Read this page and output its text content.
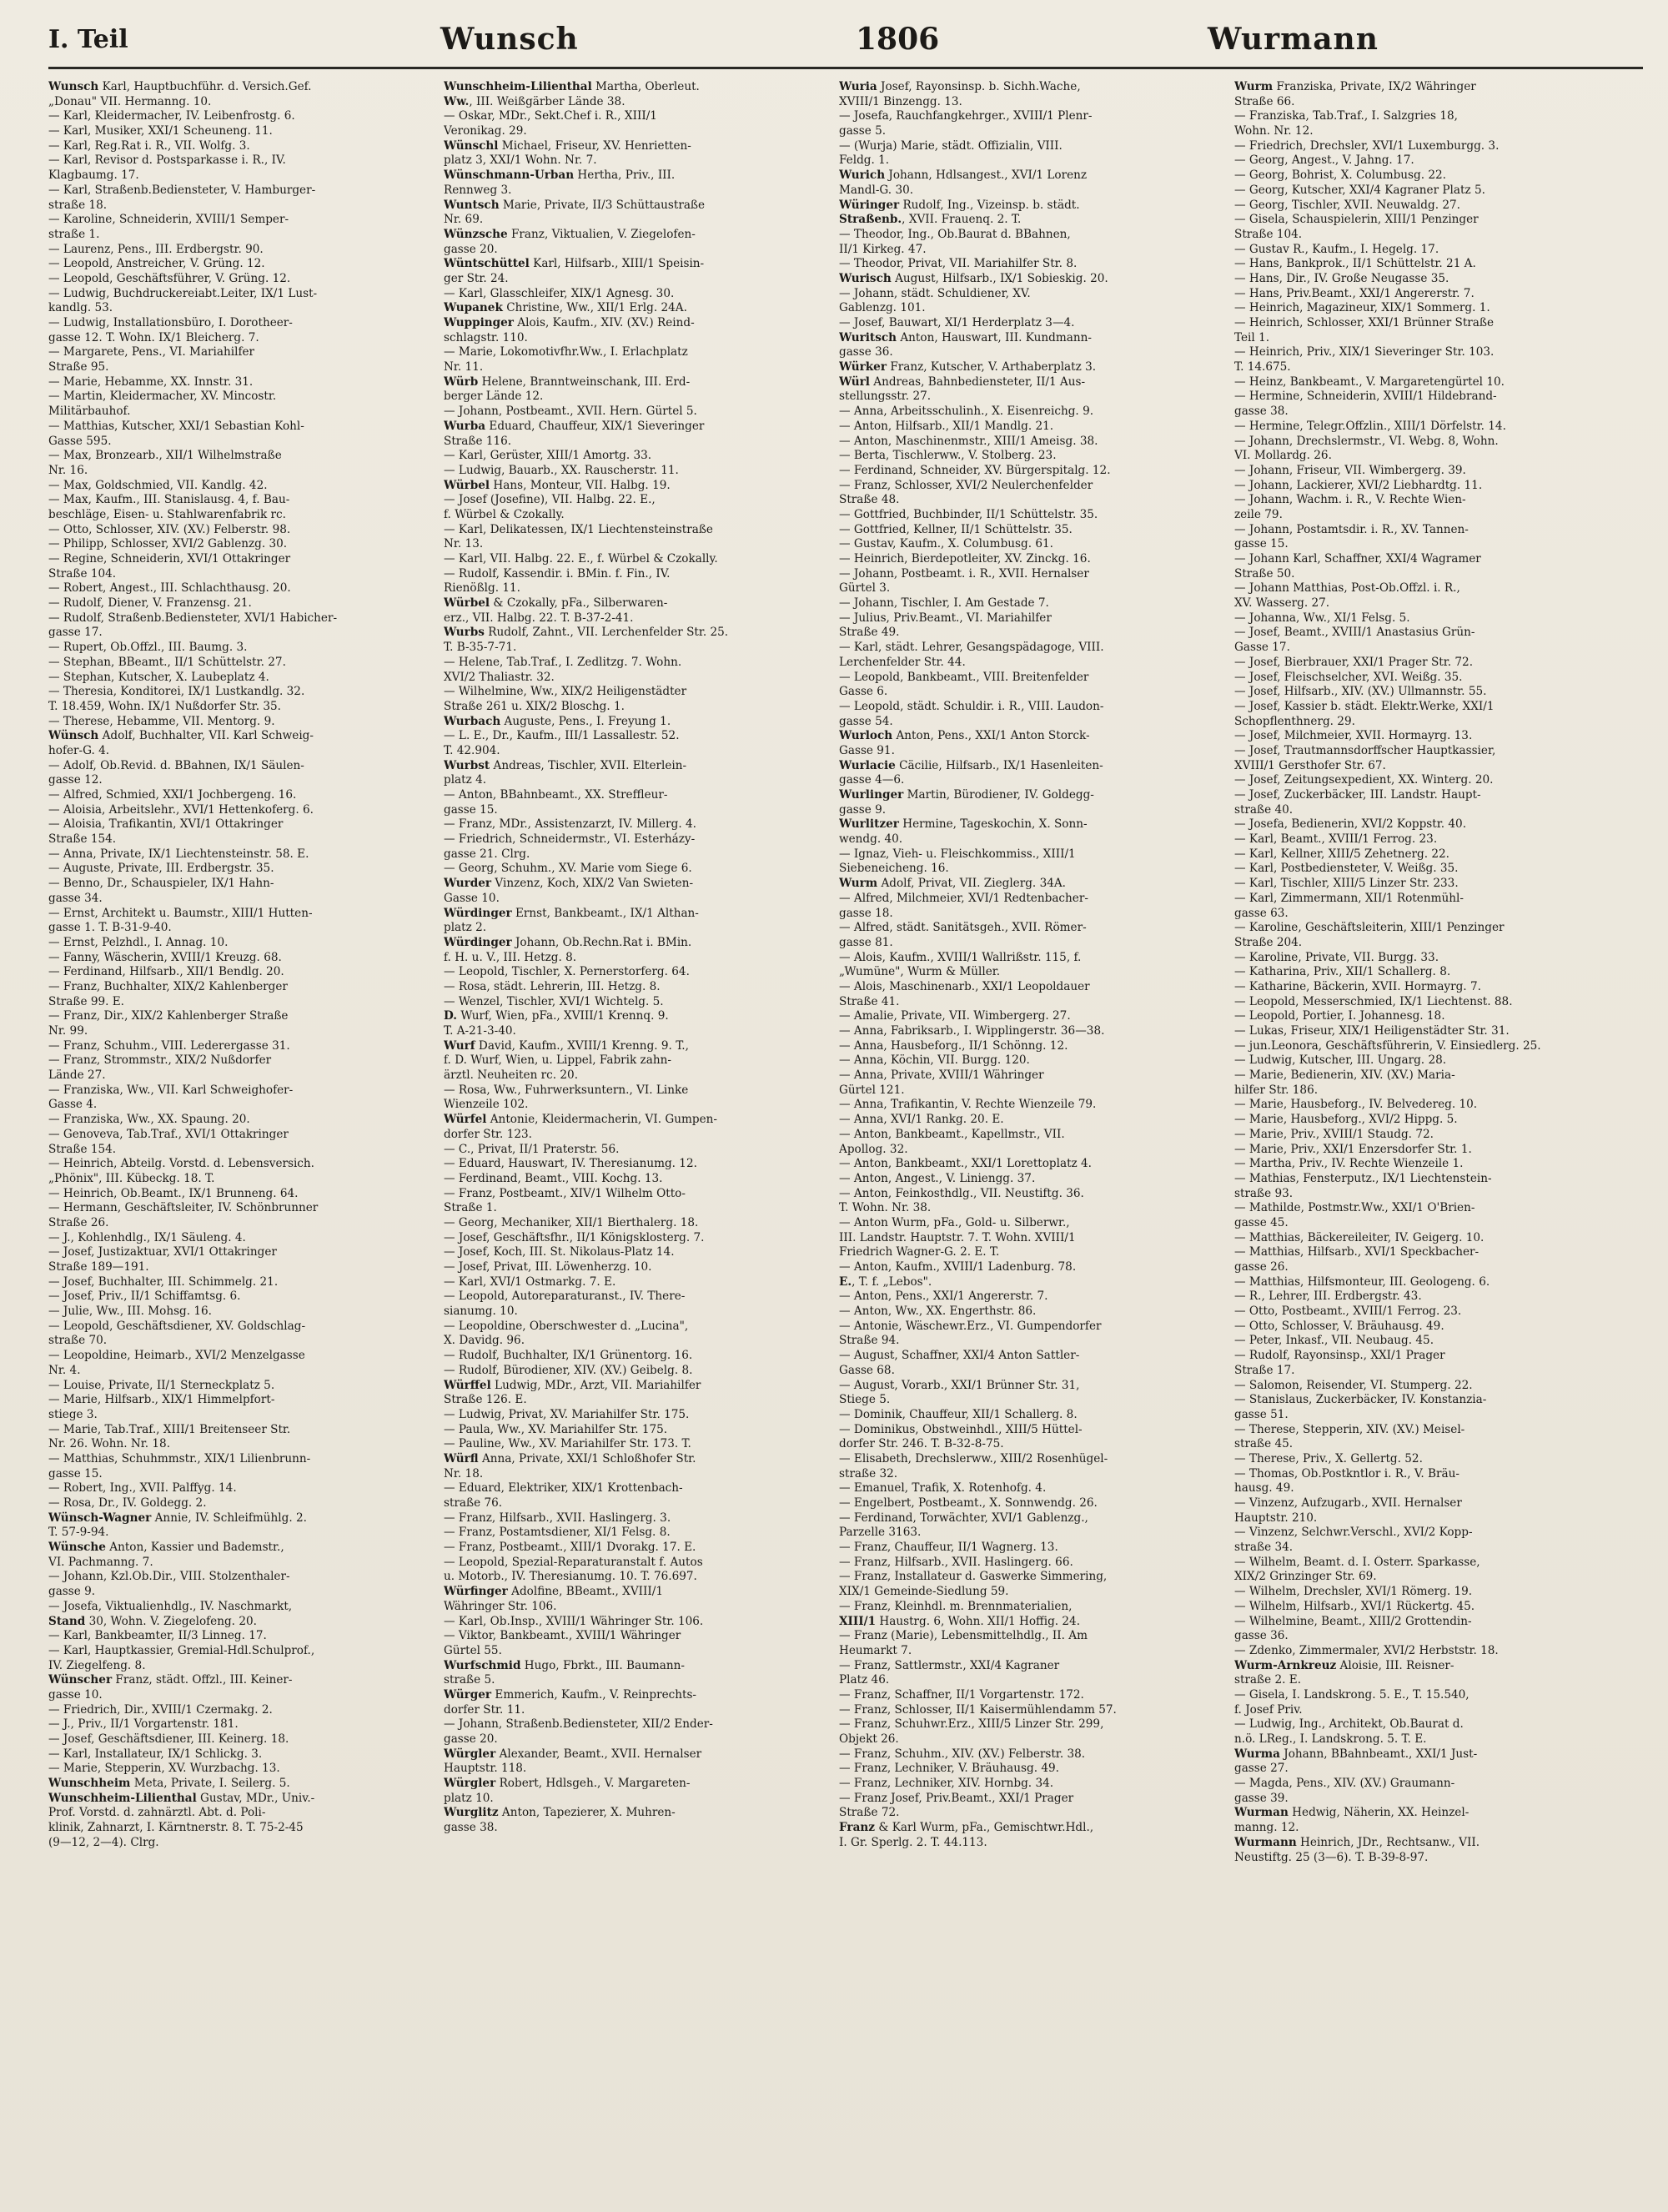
I. Teil	Wunsch	1806	Wurmann
Wunsch Karl, Hauptbuchführ. d. Versich.Gef.
„Donau" VII. Hermanng. 10.
— Karl, Kleidermacher, IV. Leibenfrostg. 6.
— Karl, Musiker, XXI/1 Scheuneng. 11.
— Karl, Reg.Rat i. R., VII. Wolfg. 3.
— Karl, Revisor d. Postsparkasse i. R., IV.
Klagbaumg. 17.
— Karl, Straßenb.Bediensteter, V. Hamburger-
straße 18.
— Karoline, Schneiderin, XVIII/1 Semper-
straße 1.
— Laurenz, Pens., III. Erdbergstr. 90.
— Leopold, Anstreicher, V. Grüng. 12.
— Leopold, Geschäftsführer, V. Grüng. 12.
— Ludwig, Buchdruckereiabt.Leiter, IX/1 Lust-
kandlg. 53.
— Ludwig, Installationsbüro, I. Dorotheer-
gasse 12. T. Wohn. IX/1 Bleicherg. 7.
— Margarete, Pens., VI. Mariahilfer
Straße 95.
— Marie, Hebamme, XX. Innstr. 31.
— Martin, Kleidermacher, XV. Mincostr.
Militärbauhof.
— Matthias, Kutscher, XXI/1 Sebastian Kohl-
Gasse 595.
— Max, Bronzearb., XII/1 Wilhelmstraße
Nr. 16.
— Max, Goldschmied, VII. Kandlg. 42.
— Max, Kaufm., III. Stanislausg. 4, f. Bau-
beschläge, Eisen- u. Stahlwarenfabrik rc.
— Otto, Schlosser, XIV. (XV.) Felberstr. 98.
— Philipp, Schlosser, XVI/2 Gablenzg. 30.
— Regine, Schneiderin, XVI/1 Ottakringer
Straße 104.
— Robert, Angest., III. Schlachthausg. 20.
— Rudolf, Diener, V. Franzensg. 21.
— Rudolf, Straßenb.Bediensteter, XVI/1 Habicher-
gasse 17.
— Rupert, Ob.Offzl., III. Baumg. 3.
— Stephan, BBeamt., II/1 Schüttelstr. 27.
— Stephan, Kutscher, X. Laubeplatz 4.
— Theresia, Konditorei, IX/1 Lustkandlg. 32.
T. 18.459, Wohn. IX/1 Nußdorfer Str. 35.
— Therese, Hebamme, VII. Mentorg. 9.
Wünsch Adolf, Buchhalter, VII. Karl Schweig-
hofer-G. 4.
— Adolf, Ob.Revid. d. BBahnen, IX/1 Säulen-
gasse 12.
— Alfred, Schmied, XXI/1 Jochbergeng. 16.
— Aloisia, Arbeitslehr., XVI/1 Hettenkoferg. 6.
— Aloisia, Trafikantin, XVI/1 Ottakringer
Straße 154.
— Anna, Private, IX/1 Liechtensteinstr. 58. E.
— Auguste, Private, III. Erdbergstr. 35.
— Benno, Dr., Schauspieler, IX/1 Hahn-
gasse 34.
— Ernst, Architekt u. Baumstr., XIII/1 Hutten-
gasse 1. T. B-31-9-40.
— Ernst, Pelzhdl., I. Annag. 10.
— Fanny, Wäscherin, XVIII/1 Kreuzg. 68.
— Ferdinand, Hilfsarb., XII/1 Bendlg. 20.
— Franz, Buchhalter, XIX/2 Kahlenberger
Straße 99. E.
— Franz, Dir., XIX/2 Kahlenberger Straße
Nr. 99.
— Franz, Schuhm., VIII. Lederergasse 31.
— Franz, Strommstr., XIX/2 Nußdorfer
Lände 27.
— Franziska, Ww., VII. Karl Schweighofer-
Gasse 4.
— Franziska, Ww., XX. Spaung. 20.
— Genoveva, Tab.Traf., XVI/1 Ottakringer
Straße 154.
— Heinrich, Abteilg. Vorstd. d. Lebensversich.
„Phönix", III. Kübeckg. 18. T.
— Heinrich, Ob.Beamt., IX/1 Brunneng. 64.
— Hermann, Geschäftsleiter, IV. Schönbrunner
Straße 26.
— J., Kohlenhdlg., IX/1 Säuleng. 4.
— Josef, Justizaktuar, XVI/1 Ottakringer
Straße 189—191.
— Josef, Buchhalter, III. Schimmelg. 21.
— Josef, Priv., II/1 Schiffamtsg. 6.
— Julie, Ww., III. Mohsg. 16.
— Leopold, Geschäftsdiener, XV. Goldschlag-
straße 70.
— Leopoldine, Heimarb., XVI/2 Menzelgasse
Nr. 4.
— Louise, Private, II/1 Sterneckplatz 5.
— Marie, Hilfsarb., XIX/1 Himmelpfort-
stiege 3.
— Marie, Tab.Traf., XIII/1 Breitenseer Str.
Nr. 26. Wohn. Nr. 18.
— Matthias, Schuhmmstr., XIX/1 Lilienbrunn-
gasse 15.
— Robert, Ing., XVII. Palffyg. 14.
— Rosa, Dr., IV. Goldegg. 2.
Wünsch-Wagner Annie, IV. Schleifmühlg. 2.
T. 57-9-94.
Wünsche Anton, Kassier und Bademstr.,
VI. Pachmanng. 7.
— Johann, Kzl.Ob.Dir., VIII. Stolzenthaler-
gasse 9.
— Josefa, Viktualienhdlg., IV. Naschmarkt,
Stand 30, Wohn. V. Ziegelofeng. 20.
— Karl, Bankbeamter, II/3 Linneg. 17.
— Karl, Hauptkassier, Gremial-Hdl.Schulprof.,
IV. Ziegelfeng. 8.
Wünscher Franz, städt. Offzl., III. Keiner-
gasse 10.
— Friedrich, Dir., XVIII/1 Czermakg. 2.
— J., Priv., II/1 Vorgartenstr. 181.
— Josef, Geschäftsdiener, III. Keinerg. 18.
— Karl, Installateur, IX/1 Schlickg. 3.
— Marie, Stepperin, XV. Wurzbachg. 13.
Wunschheim Meta, Private, I. Seilerg. 5.
Wunschheim-Lilienthal Gustav, MDr., Univ.-
Prof. Vorstd. d. zahnärztl. Abt. d. Poli-
klinik, Zahnarzt, I. Kärntnerstr. 8. T. 75-2-45
(9—12, 2—4). Clrg.
Wunschheim-Lilienthal Martha, Oberleut.
Ww., III. Weißgärber Lände 38.
— Oskar, MDr., Sekt.Chef i. R., XIII/1
Veronikag. 29.
Wünschl Michael, Friseur, XV. Henrietten-
platz 3, XXI/1 Wohn. Nr. 7.
Wünschmann-Urban Hertha, Priv., III.
Rennweg 3.
Wuntsch Marie, Private, II/3 Schüttaustraße
Nr. 69.
Wünzsche Franz, Viktualien, V. Ziegelofen-
gasse 20.
Wüntschüttel Karl, Hilfsarb., XIII/1 Speisin-
ger Str. 24.
— Karl, Glasschleifer, XIX/1 Agnesg. 30.
Wupanek Christine, Ww., XII/1 Erlg. 24A.
Wuppinger Alois, Kaufm., XIV. (XV.) Reind-
schlagstr. 110.
— Marie, Lokomotivfhr.Ww., I. Erlachplatz
Nr. 11.
Würb Helene, Branntweinschank, III. Erd-
berger Lände 12.
— Johann, Postbeamt., XVII. Hern. Gürtel 5.
Wurba Eduard, Chauffeur, XIX/1 Sieveringer
Straße 116.
— Karl, Gerüster, XIII/1 Amortg. 33.
— Ludwig, Bauarb., XX. Rauscherstr. 11.
Würbel Hans, Monteur, VII. Halbg. 19.
— Josef (Josefine), VII. Halbg. 22. E.,
f. Würbel & Czokally.
— Karl, Delikatessen, IX/1 Liechtensteinstraße
Nr. 13.
— Karl, VII. Halbg. 22. E., f. Würbel & Czokally.
— Rudolf, Kassendir. i. BMin. f. Fin., IV.
Rienößlg. 11.
Würbel & Czokally, pFa., Silberwaren-
erz., VII. Halbg. 22. T. B-37-2-41.
Wurbs Rudolf, Zahnt., VII. Lerchenfelder Str. 25.
T. B-35-7-71.
— Helene, Tab.Traf., I. Zedlitzg. 7. Wohn.
XVI/2 Thaliastr. 32.
— Wilhelmine, Ww., XIX/2 Heiligenstädter
Straße 261 u. XIX/2 Bloschg. 1.
Wurbach Auguste, Pens., I. Freyung 1.
— L. E., Dr., Kaufm., III/1 Lassallestr. 52.
T. 42.904.
Wurbst Andreas, Tischler, XVII. Elterlein-
platz 4.
— Anton, BBahnbeamt., XX. Streffleur-
gasse 15.
— Franz, MDr., Assistenzarzt, IV. Millerg. 4.
— Friedrich, Schneidermstr., VI. Esterházy-
gasse 21. Clrg.
— Georg, Schuhm., XV. Marie vom Siege 6.
Wurder Vinzenz, Koch, XIX/2 Van Swieten-
Gasse 10.
Würdinger Ernst, Bankbeamt., IX/1 Althan-
platz 2.
Würdinger Johann, Ob.Rechn.Rat i. BMin.
f. H. u. V., III. Hetzg. 8.
— Leopold, Tischler, X. Pernerstorferg. 64.
— Rosa, städt. Lehrerin, III. Hetzg. 8.
— Wenzel, Tischler, XVI/1 Wichtelg. 5.
D. Wurf, Wien, pFa., XVIII/1 Krennq. 9.
T. A-21-3-40.
Wurf David, Kaufm., XVIII/1 Krenng. 9. T.,
f. D. Wurf, Wien, u. Lippel, Fabrik zahn-
ärztl. Neuheiten rc. 20.
— Rosa, Ww., Fuhrwerksuntern., VI. Linke
Wienzeile 102.
Würfel Antonie, Kleidermacherin, VI. Gumpen-
dorfer Str. 123.
— C., Privat, II/1 Praterstr. 56.
— Eduard, Hauswart, IV. Theresianumg. 12.
— Ferdinand, Beamt., VIII. Kochg. 13.
— Franz, Postbeamt., XIV/1 Wilhelm Otto-
Straße 1.
— Georg, Mechaniker, XII/1 Bierthalerg. 18.
— Josef, Geschäftsfhr., II/1 Königsklosterg. 7.
— Josef, Koch, III. St. Nikolaus-Platz 14.
— Josef, Privat, III. Löwenherzg. 10.
— Karl, XVI/1 Ostmarkg. 7. E.
— Leopold, Autoreparaturanst., IV. There-
sianumg. 10.
— Leopoldine, Oberschwester d. „Lucina",
X. Davidg. 96.
— Rudolf, Buchhalter, IX/1 Grünentorg. 16.
— Rudolf, Bürodiener, XIV. (XV.) Geibelg. 8.
Würffel Ludwig, MDr., Arzt, VII. Mariahilfer
Straße 126. E.
— Ludwig, Privat, XV. Mariahilfer Str. 175.
— Paula, Ww., XV. Mariahilfer Str. 175.
— Pauline, Ww., XV. Mariahilfer Str. 173. T.
Würfl Anna, Private, XXI/1 Schloßhofer Str.
Nr. 18.
— Eduard, Elektriker, XIX/1 Krottenbach-
straße 76.
— Franz, Hilfsarb., XVII. Haslingerg. 3.
— Franz, Postamtsdiener, XI/1 Felsg. 8.
— Franz, Postbeamt., XIII/1 Dvorakg. 17. E.
— Leopold, Spezial-Reparaturanstalt f. Autos
u. Motorb., IV. Theresianumg. 10. T. 76.697.
Würfinger Adolfine, BBeamt., XVIII/1
Währinger Str. 106.
— Karl, Ob.Insp., XVIII/1 Währinger Str. 106.
— Viktor, Bankbeamt., XVIII/1 Währinger
Gürtel 55.
Wurfschmid Hugo, Fbrkt., III. Baumann-
straße 5.
Würger Emmerich, Kaufm., V. Reinprechts-
dorfer Str. 11.
— Johann, Straßenb.Bediensteter, XII/2 Ender-
gasse 20.
Würgler Alexander, Beamt., XVII. Hernalser
Hauptstr. 118.
Würgler Robert, Hdlsgeh., V. Margareten-
platz 10.
Wurglitz Anton, Tapezierer, X. Muhren-
gasse 38.
Wuria Josef, Rayonsinsp. b. Sichh.Wache,
XVIII/1 Binzengg. 13.
— Josefa, Rauchfangkehrger., XVIII/1 Plenr-
gasse 5.
— (Wurja) Marie, städt. Offizialin, VIII.
Feldg. 1.
Wurich Johann, Hdlsangest., XVI/1 Lorenz
Mandl-G. 30.
Würinger Rudolf, Ing., Vizeinsp. b. städt.
Straßenb., XVII. Frauenq. 2. T.
— Theodor, Ing., Ob.Baurat d. BBahnen,
II/1 Kirkeg. 47.
— Theodor, Privat, VII. Mariahilfer Str. 8.
Wurisch August, Hilfsarb., IX/1 Sobieskig. 20.
— Johann, städt. Schuldiener, XV.
Gablenzg. 101.
— Josef, Bauwart, XI/1 Herderplatz 3—4.
Wuritsch Anton, Hauswart, III. Kundmann-
gasse 36.
Würker Franz, Kutscher, V. Arthaberplatz 3.
Würl Andreas, Bahnbediensteter, II/1 Aus-
stellungsstr. 27.
— Anna, Arbeitsschulinh., X. Eisenreichg. 9.
— Anton, Hilfsarb., XII/1 Mandlg. 21.
— Anton, Maschinenmstr., XIII/1 Ameisg. 38.
— Berta, Tischlerww., V. Stolberg. 23.
— Ferdinand, Schneider, XV. Bürgerspitalg. 12.
— Franz, Schlosser, XVI/2 Neulerchenfelder
Straße 48.
— Gottfried, Buchbinder, II/1 Schüttelstr. 35.
— Gottfried, Kellner, II/1 Schüttelstr. 35.
— Gustav, Kaufm., X. Columbusg. 61.
— Heinrich, Bierdepotleiter, XV. Zinckg. 16.
— Johann, Postbeamt. i. R., XVII. Hernalser
Gürtel 3.
— Johann, Tischler, I. Am Gestade 7.
— Julius, Priv.Beamt., VI. Mariahilfer
Straße 49.
— Karl, städt. Lehrer, Gesangspädagoge, VIII.
Lerchenfelder Str. 44.
— Leopold, Bankbeamt., VIII. Breitenfelder
Gasse 6.
— Leopold, städt. Schuldir. i. R., VIII. Laudon-
gasse 54.
Wurloch Anton, Pens., XXI/1 Anton Storck-
Gasse 91.
Wurlacie Cäcilie, Hilfsarb., IX/1 Hasenleiten-
gasse 4—6.
Wurlinger Martin, Bürodiener, IV. Goldegg-
gasse 9.
Wurlitzer Hermine, Tageskochin, X. Sonn-
wendg. 40.
— Ignaz, Vieh- u. Fleischkommiss., XIII/1
Siebeneicheng. 16.
Wurm Adolf, Privat, VII. Zieglerg. 34A.
— Alfred, Milchmeier, XVI/1 Redtenbacher-
gasse 18.
— Alfred, städt. Sanitätsgeh., XVII. Römer-
gasse 81.
— Alois, Kaufm., XVIII/1 Wallrißstr. 115, f.
„Wumüne", Wurm & Müller.
— Alois, Maschinenarb., XXI/1 Leopoldauer
Straße 41.
— Amalie, Private, VII. Wimbergerg. 27.
— Anna, Fabriksarb., I. Wipplingerstr. 36—38.
— Anna, Hausbeforg., II/1 Schönng. 12.
— Anna, Köchin, VII. Burgg. 120.
— Anna, Private, XVIII/1 Währinger
Gürtel 121.
— Anna, Trafikantin, V. Rechte Wienzeile 79.
— Anna, XVI/1 Rankg. 20. E.
— Anton, Bankbeamt., Kapellmstr., VII.
Apollog. 32.
— Anton, Bankbeamt., XXI/1 Lorettoplatz 4.
— Anton, Angest., V. Liniengg. 37.
— Anton, Feinkosthdlg., VII. Neustiftg. 36.
T. Wohn. Nr. 38.
— Anton Wurm, pFa., Gold- u. Silberwr.,
III. Landstr. Hauptstr. 7. T. Wohn. XVIII/1
Friedrich Wagner-G. 2. E. T.
— Anton, Kaufm., XVIII/1 Ladenburg. 78.
E., T. f. „Lebos".
— Anton, Pens., XXI/1 Angererstr. 7.
— Anton, Ww., XX. Engerthstr. 86.
— Antonie, Wäschewr.Erz., VI. Gumpendorfer
Straße 94.
— August, Schaffner, XXI/4 Anton Sattler-
Gasse 68.
— August, Vorarb., XXI/1 Brünner Str. 31,
Stiege 5.
— Dominik, Chauffeur, XII/1 Schallerg. 8.
— Dominikus, Obstweinhdl., XIII/5 Hüttel-
dorfer Str. 246. T. B-32-8-75.
— Elisabeth, Drechslerww., XIII/2 Rosenhügel-
straße 32.
— Emanuel, Trafik, X. Rotenhofg. 4.
— Engelbert, Postbeamt., X. Sonnwendg. 26.
— Ferdinand, Torwächter, XVI/1 Gablenzg.,
Parzelle 3163.
— Franz, Chauffeur, II/1 Wagnerg. 13.
— Franz, Hilfsarb., XVII. Haslingerg. 66.
— Franz, Installateur d. Gaswerke Simmering,
XIX/1 Gemeinde-Siedlung 59.
— Franz, Kleinhdl. m. Brennmaterialien,
XIII/1 Haustrg. 6, Wohn. XII/1 Hoffig. 24.
— Franz (Marie), Lebensmittelhdlg., II. Am
Heumarkt 7.
— Franz, Sattlermstr., XXI/4 Kagraner
Platz 46.
— Franz, Schaffner, II/1 Vorgartenstr. 172.
— Franz, Schlosser, II/1 Kaisermühlendamm 57.
— Franz, Schuhwr.Erz., XIII/5 Linzer Str. 299,
Objekt 26.
— Franz, Schuhm., XIV. (XV.) Felberstr. 38.
— Franz, Lechniker, V. Bräuhausg. 49.
— Franz, Lechniker, XIV. Hornbg. 34.
— Franz Josef, Priv.Beamt., XXI/1 Prager
Straße 72.
Franz & Karl Wurm, pFa., Gemischtwr.Hdl.,
I. Gr. Sperlg. 2. T. 44.113.
Wurm Franziska, Private, IX/2 Währinger
Straße 66.
— Franziska, Tab.Traf., I. Salzgries 18,
Wohn. Nr. 12.
— Friedrich, Drechsler, XVI/1 Luxemburgg. 3.
— Georg, Angest., V. Jahng. 17.
— Georg, Bohrist, X. Columbusg. 22.
— Georg, Kutscher, XXI/4 Kagraner Platz 5.
— Georg, Tischler, XVII. Neuwaldg. 27.
— Gisela, Schauspielerin, XIII/1 Penzinger
Straße 104.
— Gustav R., Kaufm., I. Hegelg. 17.
— Hans, Bankprok., II/1 Schüttelstr. 21 A.
— Hans, Dir., IV. Große Neugasse 35.
— Hans, Priv.Beamt., XXI/1 Angererstr. 7.
— Heinrich, Magazineur, XIX/1 Sommerg. 1.
— Heinrich, Schlosser, XXI/1 Brünner Straße
Teil 1.
— Heinrich, Priv., XIX/1 Sieveringer Str. 103.
T. 14.675.
— Heinz, Bankbeamt., V. Margaretengürtel 10.
— Hermine, Schneiderin, XVIII/1 Hildebrand-
gasse 38.
— Hermine, Telegr.Offzlin., XIII/1 Dörfelstr. 14.
— Johann, Drechslermstr., VI. Webg. 8, Wohn.
VI. Mollardg. 26.
— Johann, Friseur, VII. Wimbergerg. 39.
— Johann, Lackierer, XVI/2 Liebhardtg. 11.
— Johann, Wachm. i. R., V. Rechte Wien-
zeile 79.
— Johann, Postamtsdir. i. R., XV. Tannen-
gasse 15.
— Johann Karl, Schaffner, XXI/4 Wagramer
Straße 50.
— Johann Matthias, Post-Ob.Offzl. i. R.,
XV. Wasserg. 27.
— Johanna, Ww., XI/1 Felsg. 5.
— Josef, Beamt., XVIII/1 Anastasius Grün-
Gasse 17.
— Josef, Bierbrauer, XXI/1 Prager Str. 72.
— Josef, Fleischselcher, XVI. Weißg. 35.
— Josef, Hilfsarb., XIV. (XV.) Ullmannstr. 55.
— Josef, Kassier b. städt. Elektr.Werke, XXI/1
Schopflenthnerg. 29.
— Josef, Milchmeier, XVII. Hormayrg. 13.
— Josef, Trautmannsdorffscher Hauptkassier,
XVIII/1 Gersthofer Str. 67.
— Josef, Zeitungsexpedient, XX. Winterg. 20.
— Josef, Zuckerbäcker, III. Landstr. Haupt-
straße 40.
— Josefa, Bedienerin, XVI/2 Koppstr. 40.
— Karl, Beamt., XVIII/1 Ferrog. 23.
— Karl, Kellner, XIII/5 Zehetnerg. 22.
— Karl, Postbediensteter, V. Weißg. 35.
— Karl, Tischler, XIII/5 Linzer Str. 233.
— Karl, Zimmermann, XII/1 Rotenmühl-
gasse 63.
— Karoline, Geschäftsleiterin, XIII/1 Penzinger
Straße 204.
— Karoline, Private, VII. Burgg. 33.
— Katharina, Priv., XII/1 Schallerg. 8.
— Katharine, Bäckerin, XVII. Hormayrg. 7.
— Leopold, Messerschmied, IX/1 Liechtenst. 88.
— Leopold, Portier, I. Johannesg. 18.
— Lukas, Friseur, XIX/1 Heiligenstädter Str. 31.
— jun.Leonora, Geschäftsführerin, V. Einsiedlerg. 25.
— Ludwig, Kutscher, III. Ungarg. 28.
— Marie, Bedienerin, XIV. (XV.) Maria-
hilfer Str. 186.
— Marie, Hausbeforg., IV. Belvedereg. 10.
— Marie, Hausbeforg., XVI/2 Hippg. 5.
— Marie, Priv., XVIII/1 Staudg. 72.
— Marie, Priv., XXI/1 Enzersdorfer Str. 1.
— Martha, Priv., IV. Rechte Wienzeile 1.
— Mathias, Fensterputz., IX/1 Liechtenstein-
straße 93.
— Mathilde, Postmstr.Ww., XXI/1 O'Brien-
gasse 45.
— Matthias, Bäckereileiter, IV. Geigerg. 10.
— Matthias, Hilfsarb., XVI/1 Speckbacher-
gasse 26.
— Matthias, Hilfsmonteur, III. Geologeng. 6.
— R., Lehrer, III. Erdbergstr. 43.
— Otto, Postbeamt., XVIII/1 Ferrog. 23.
— Otto, Schlosser, V. Bräuhausg. 49.
— Peter, Inkasf., VII. Neubaug. 45.
— Rudolf, Rayonsinsp., XXI/1 Prager
Straße 17.
— Salomon, Reisender, VI. Stumperg. 22.
— Stanislaus, Zuckerbäcker, IV. Konstanzia-
gasse 51.
— Therese, Stepperin, XIV. (XV.) Meisel-
straße 45.
— Therese, Priv., X. Gellertg. 52.
— Thomas, Ob.Postkntlor i. R., V. Bräu-
hausg. 49.
— Vinzenz, Aufzugarb., XVII. Hernalser
Hauptstr. 210.
— Vinzenz, Selchwr.Verschl., XVI/2 Kopp-
straße 34.
— Wilhelm, Beamt. d. I. Österr. Sparkasse,
XIX/2 Grinzinger Str. 69.
— Wilhelm, Drechsler, XVI/1 Römerg. 19.
— Wilhelm, Hilfsarb., XVI/1 Rückertg. 45.
— Wilhelmine, Beamt., XIII/2 Grottendin-
gasse 36.
— Zdenko, Zimmermaler, XVI/2 Herbststr. 18.
Wurm-Arnkreuz Aloisie, III. Reisner-
straße 2. E.
— Gisela, I. Landskrong. 5. E., T. 15.540,
f. Josef Priv.
— Ludwig, Ing., Architekt, Ob.Baurat d.
n.ö. LReg., I. Landskrong. 5. T. E.
Wurma Johann, BBahnbeamt., XXI/1 Just-
gasse 27.
— Magda, Pens., XIV. (XV.) Graumann-
gasse 39.
Wurman Hedwig, Näherin, XX. Heinzel-
manng. 12.
Wurmann Heinrich, JDr., Rechtsanw., VII.
Neustiftg. 25 (3—6). T. B-39-8-97.
